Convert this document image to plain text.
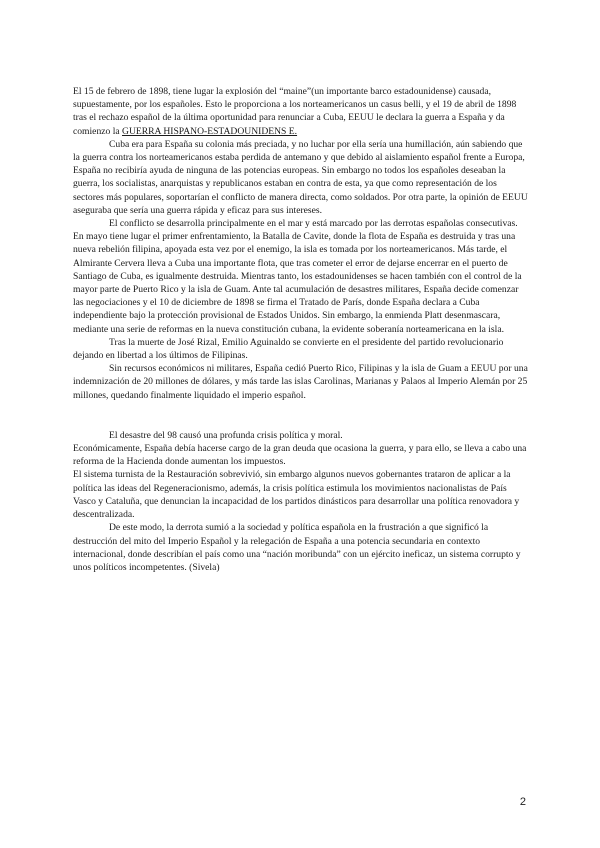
El 15 de febrero de 1898, tiene lugar la explosión del “maine”(un importante barco estadounidense) causada, supuestamente, por los españoles. Esto le proporciona a los norteamericanos un casus belli, y el 19 de abril de 1898 tras el rechazo español de la última oportunidad para renunciar a Cuba, EEUU le declara la guerra a España y da comienzo la GUERRA HISPANO-ESTADOUNIDENS E.

Cuba era para España su colonia más preciada, y no luchar por ella sería una humillación, aún sabiendo que la guerra contra los norteamericanos estaba perdida de antemano y que debido al aislamiento español frente a Europa, España no recibiría ayuda de ninguna de las potencias europeas. Sin embargo no todos los españoles deseaban la guerra, los socialistas, anarquistas y republicanos estaban en contra de esta, ya que como representación de los sectores más populares, soportarían el conflicto de manera directa, como soldados. Por otra parte, la opinión de EEUU aseguraba que sería una guerra rápida y eficaz para sus intereses.

El conflicto se desarrolla principalmente en el mar y está marcado por las derrotas españolas consecutivas. En mayo tiene lugar el primer enfrentamiento, la Batalla de Cavite, donde la flota de España es destruida y tras una nueva rebelión filipina, apoyada esta vez por el enemigo, la isla es tomada por los norteamericanos. Más tarde, el Almirante Cervera lleva a Cuba una importante flota, que tras cometer el error de dejarse encerrar en el puerto de Santiago de Cuba, es igualmente destruida. Mientras tanto, los estadounidenses se hacen también con el control de la mayor parte de Puerto Rico y la isla de Guam. Ante tal acumulación de desastres militares, España decide comenzar las negociaciones y el 10 de diciembre de 1898 se firma el Tratado de París, donde España declara a Cuba independiente bajo la protección provisional de Estados Unidos. Sin embargo, la enmienda Platt desenmascara, mediante una serie de reformas en la nueva constitución cubana, la evidente soberanía norteamericana en la isla.

Tras la muerte de José Rizal, Emilio Aguinaldo se convierte en el presidente del partido revolucionario dejando en libertad a los últimos de Filipinas.

Sin recursos económicos ni militares, España cedió Puerto Rico, Filipinas y la isla de Guam a EEUU por una indemnización de 20 millones de dólares, y más tarde las islas Carolinas, Marianas y Palaos al Imperio Alemán por 25 millones, quedando finalmente liquidado el imperio español.

El desastre del 98 causó una profunda crisis política y moral.

Económicamente, España debía hacerse cargo de la gran deuda que ocasiona la guerra, y para ello, se lleva a cabo una reforma de la Hacienda donde aumentan los impuestos.

El sistema turnista de la Restauración sobrevivió, sin embargo algunos nuevos gobernantes trataron de aplicar a la política las ideas del Regeneracionismo, además, la crisis política estimula los movimientos nacionalistas de País Vasco y Cataluña, que denuncian la incapacidad de los partidos dinásticos para desarrollar una política renovadora y descentralizada.

De este modo, la derrota sumió a la sociedad y política española en la frustración a que significó la destrucción del mito del Imperio Español y la relegación de España a una potencia secundaria en contexto internacional, donde describían el país como una “nación moribunda” con un ejército ineficaz, un sistema corrupto y unos políticos incompetentes. (Sivela)

2
